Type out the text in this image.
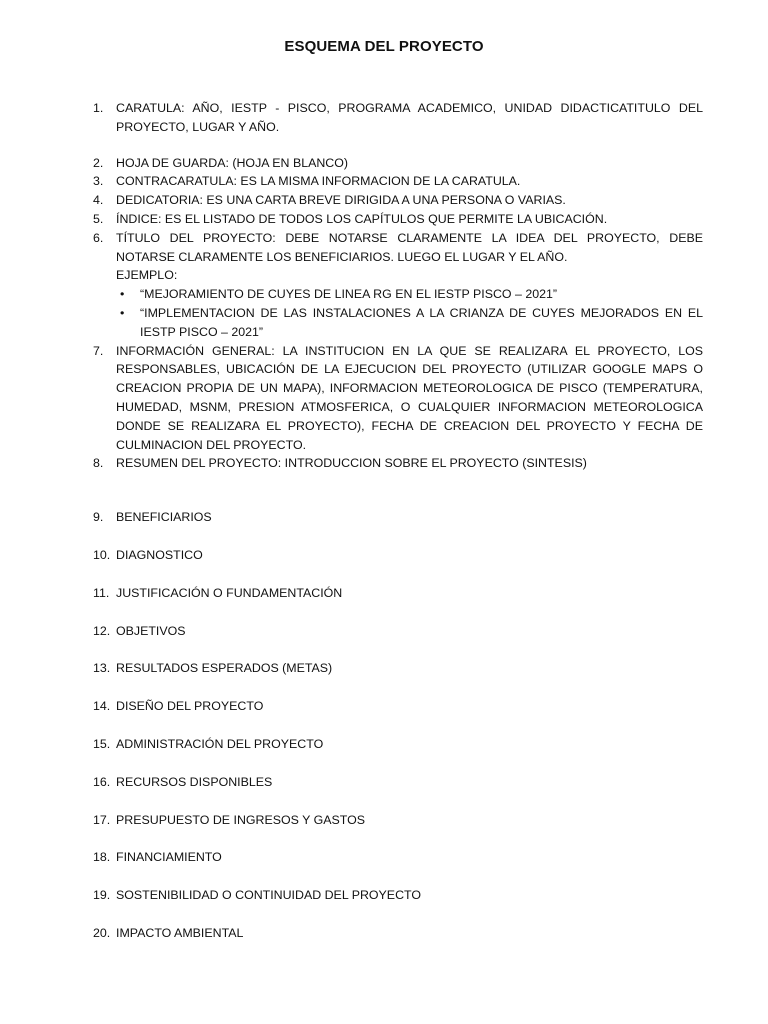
ESQUEMA DEL PROYECTO
1.	CARATULA: AÑO, IESTP - PISCO, PROGRAMA ACADEMICO, UNIDAD DIDACTICATITULO DEL PROYECTO, LUGAR Y AÑO.
2.	HOJA DE GUARDA: (HOJA EN BLANCO)
3.	CONTRACARATULA: ES LA MISMA INFORMACION DE LA CARATULA.
4.	DEDICATORIA: ES UNA CARTA BREVE DIRIGIDA A UNA PERSONA O VARIAS.
5.	ÍNDICE: ES EL LISTADO DE TODOS LOS CAPÍTULOS QUE PERMITE LA UBICACIÓN.
6.	TÍTULO DEL PROYECTO: DEBE NOTARSE CLARAMENTE LA IDEA DEL PROYECTO, DEBE NOTARSE CLARAMENTE LOS BENEFICIARIOS. LUEGO EL LUGAR Y EL AÑO.
EJEMPLO:
•	“MEJORAMIENTO DE CUYES DE LINEA RG EN EL IESTP PISCO – 2021”
•	“IMPLEMENTACION DE LAS INSTALACIONES A LA CRIANZA DE CUYES MEJORADOS EN EL IESTP PISCO – 2021”
7.	INFORMACIÓN GENERAL: LA INSTITUCION EN LA QUE SE REALIZARA EL PROYECTO, LOS RESPONSABLES, UBICACIÓN DE LA EJECUCION DEL PROYECTO (UTILIZAR GOOGLE MAPS O CREACION PROPIA DE UN MAPA), INFORMACION METEOROLOGICA DE PISCO (TEMPERATURA, HUMEDAD, MSNM, PRESION ATMOSFERICA, O CUALQUIER INFORMACION METEOROLOGICA DONDE SE REALIZARA EL PROYECTO), FECHA DE CREACION DEL PROYECTO Y FECHA DE CULMINACION DEL PROYECTO.
8.	RESUMEN DEL PROYECTO: INTRODUCCION SOBRE EL PROYECTO (SINTESIS)
9.	BENEFICIARIOS
10. DIAGNOSTICO
11. JUSTIFICACIÓN O FUNDAMENTACIÓN
12. OBJETIVOS
13. RESULTADOS ESPERADOS (METAS)
14. DISEÑO DEL PROYECTO
15. ADMINISTRACIÓN DEL PROYECTO
16. RECURSOS DISPONIBLES
17. PRESUPUESTO DE INGRESOS Y GASTOS
18. FINANCIAMIENTO
19. SOSTENIBILIDAD O CONTINUIDAD DEL PROYECTO
20. IMPACTO AMBIENTAL
